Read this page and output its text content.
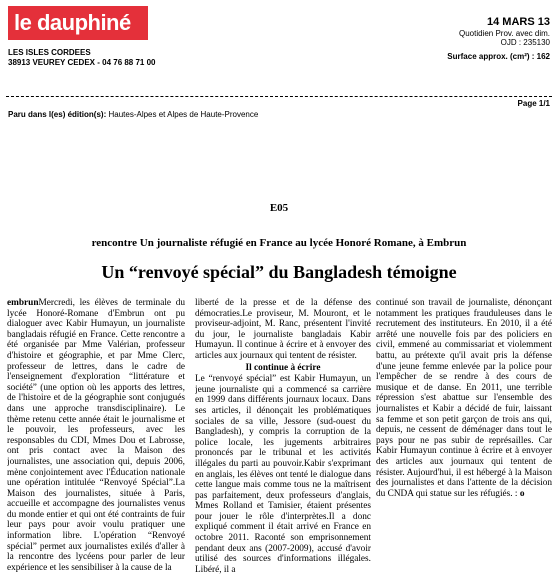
le dauphiné
LES ISLES CORDEES
38913 VEUREY CEDEX - 04 76 88 71 00
14 MARS 13
Quotidien Prov. avec dim.
OJD : 235130
Surface approx. (cm²) : 162
Page 1/1
Paru dans l(es) édition(s): Hautes-Alpes et Alpes de Haute-Provence
E05
rencontre Un journaliste réfugié en France au lycée Honoré Romane, à Embrun
Un “renvoyé spécial” du Bangladesh témoigne
embrunMercredi, les élèves de terminale du lycée Honoré-Romane d'Embrun ont pu dialoguer avec Kabir Humayun, un journaliste bangladais réfugié en France. Cette rencontre a été organisée par Mme Valérian, professeur d'histoire et géographie, et par Mme Clerc, professeur de lettres, dans le cadre de l'enseignement d'exploration “littérature et société” (une option où les apports des lettres, de l'histoire et de la géographie sont conjugués dans une approche transdisciplinaire). Le thème retenu cette année était le journalisme et le pouvoir, les professeurs, avec les responsables du CDI, Mmes Dou et Labrosse, ont pris contact avec la Maison des journalistes, une association qui, depuis 2006, mène conjointement avec l'Éducation nationale une opération intitulée “Renvoyé Spécial”.La Maison des journalistes, située à Paris, accueille et accompagne des journalistes venus du monde entier et qui ont été contraints de fuir leur pays pour avoir voulu pratiquer une information libre. L'opération “Renvoyé spécial” permet aux journalistes exilés d'aller à la rencontre des lycéens pour parler de leur expérience et les sensibiliser à la cause de la
liberté de la presse et de la défense des démocraties.Le proviseur, M. Mouront, et le proviseur-adjoint, M. Ranc, présentent l'invité du jour, le journaliste bangladais Kabir Humayun. Il continue à écrire et à envoyer des articles aux journaux qui tentent de résister.
Il continue à écrire
Le “renvoyé spécial” est Kabir Humayun, un jeune journaliste qui a commencé sa carrière en 1999 dans différents journaux locaux. Dans ses articles, il dénonçait les problématiques sociales de sa ville, Jessore (sud-ouest du Bangladesh), y compris la corruption de la police locale, les jugements arbitraires prononcés par le tribunal et les activités illégales du parti au pouvoir.Kabir s'exprimant en anglais, les élèves ont tenté le dialogue dans cette langue mais comme tous ne la maîtrisent pas parfaitement, deux professeurs d'anglais, Mmes Rolland et Tamisier, étaient présentes pour jouer le rôle d'interprètes.Il a donc expliqué comment il était arrivé en France en octobre 2011. Raconté son emprisonnement pendant deux ans (2007-2009), accusé d'avoir utilisé des sources d'informations illégales. Libéré, il a
continué son travail de journaliste, dénonçant notamment les pratiques frauduleuses dans le recrutement des instituteurs. En 2010, il a été arrêté une nouvelle fois par des policiers en civil, emmené au commissariat et violemment battu, au prétexte qu'il avait pris la défense d'une jeune femme enlevée par la police pour l'empêcher de se rendre à des cours de musique et de danse. En 2011, une terrible répression s'est abattue sur l'ensemble des journalistes et Kabir a décidé de fuir, laissant sa femme et son petit garçon de trois ans qui, depuis, ne cessent de déménager dans tout le pays pour ne pas subir de représailles. Car Kabir Humayun continue à écrire et à envoyer des articles aux journaux qui tentent de résister. Aujourd'hui, il est hébergé à la Maison des journalistes et dans l'attente de la décision du CNDA qui statue sur les réfugiés. : o
